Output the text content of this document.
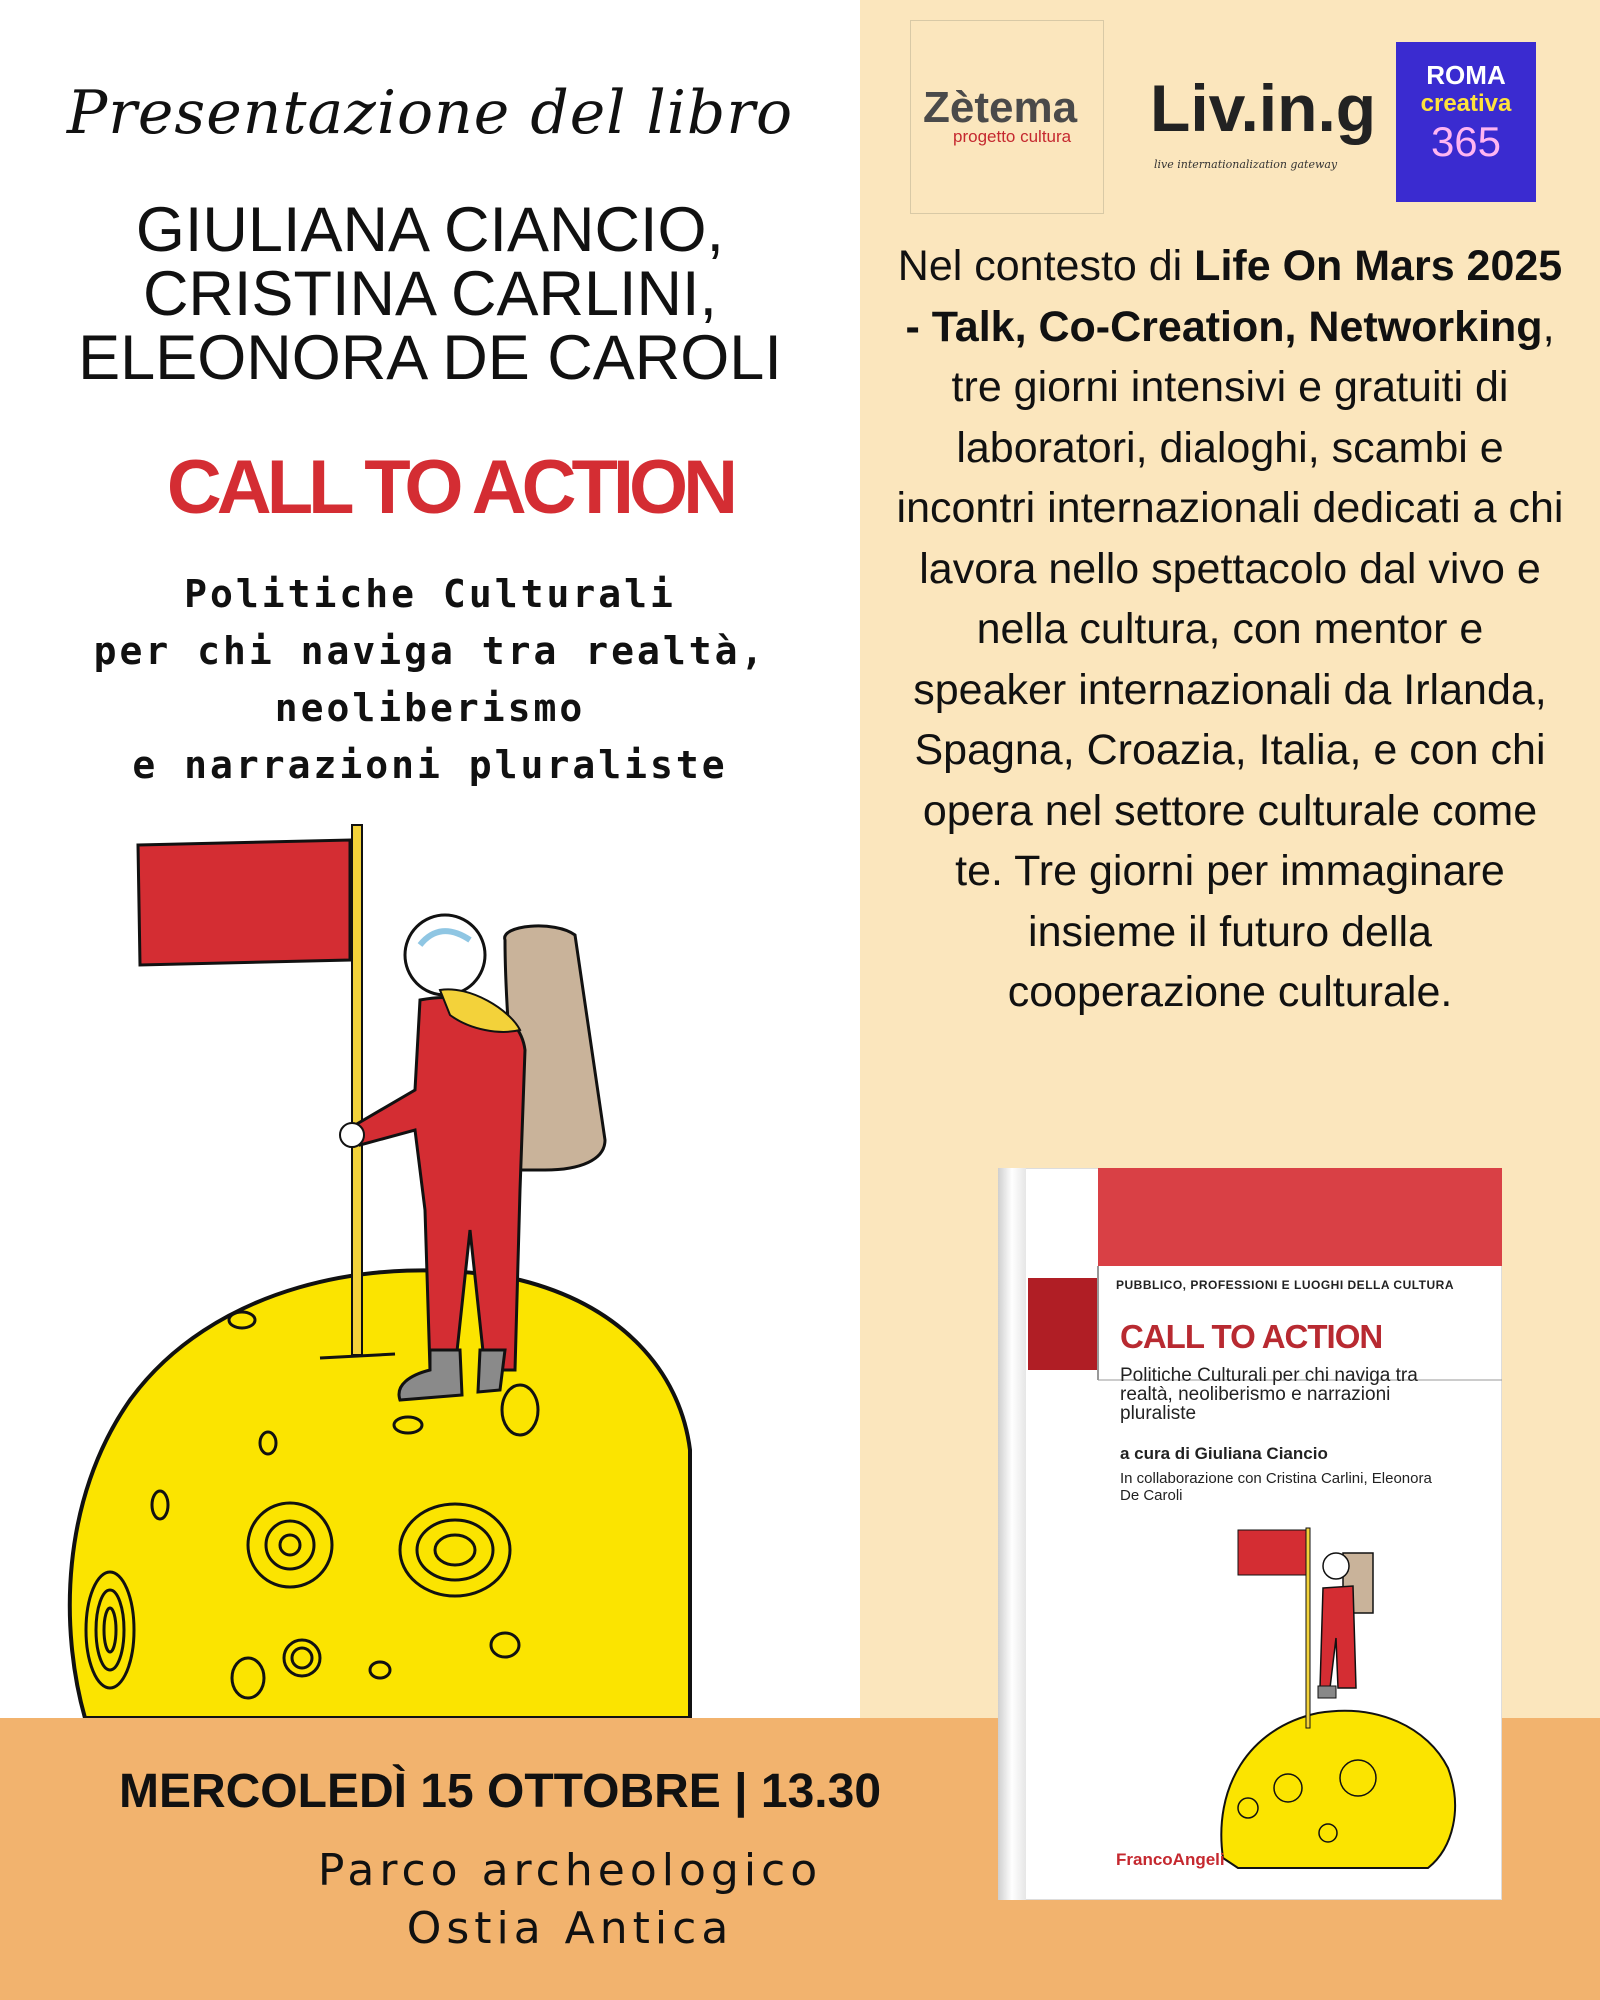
Presentazione del libro
GIULIANA CIANCIO,
CRISTINA CARLINI,
ELEONORA DE CAROLI
CALL TO ACTION
Politiche Culturali
per chi naviga tra realtà,
neoliberismo
e narrazioni pluraliste
Zètema
progetto cultura Liv.in.g
live internationalization gateway
ROMA
creativa
365
Nel contesto di Life On Mars 2025 - Talk, Co-Creation, Networking, tre giorni intensivi e gratuiti di laboratori, dialoghi, scambi e incontri internazionali dedicati a chi lavora nello spettacolo dal vivo e nella cultura, con mentor e speaker internazionali da Irlanda, Spagna, Croazia, Italia, e con chi opera nel settore culturale come te. Tre giorni per immaginare insieme il futuro della cooperazione culturale.
PUBBLICO, PROFESSIONI E LUOGHI DELLA CULTURA
CALL TO ACTION
Politiche Culturali per chi naviga tra realtà, neoliberismo e narrazioni pluraliste
a cura di Giuliana Ciancio
In collaborazione con Cristina Carlini, Eleonora De Caroli
FrancoAngeli
MERCOLEDÌ 15 OTTOBRE | 13.30
Parco archeologico
Ostia Antica
